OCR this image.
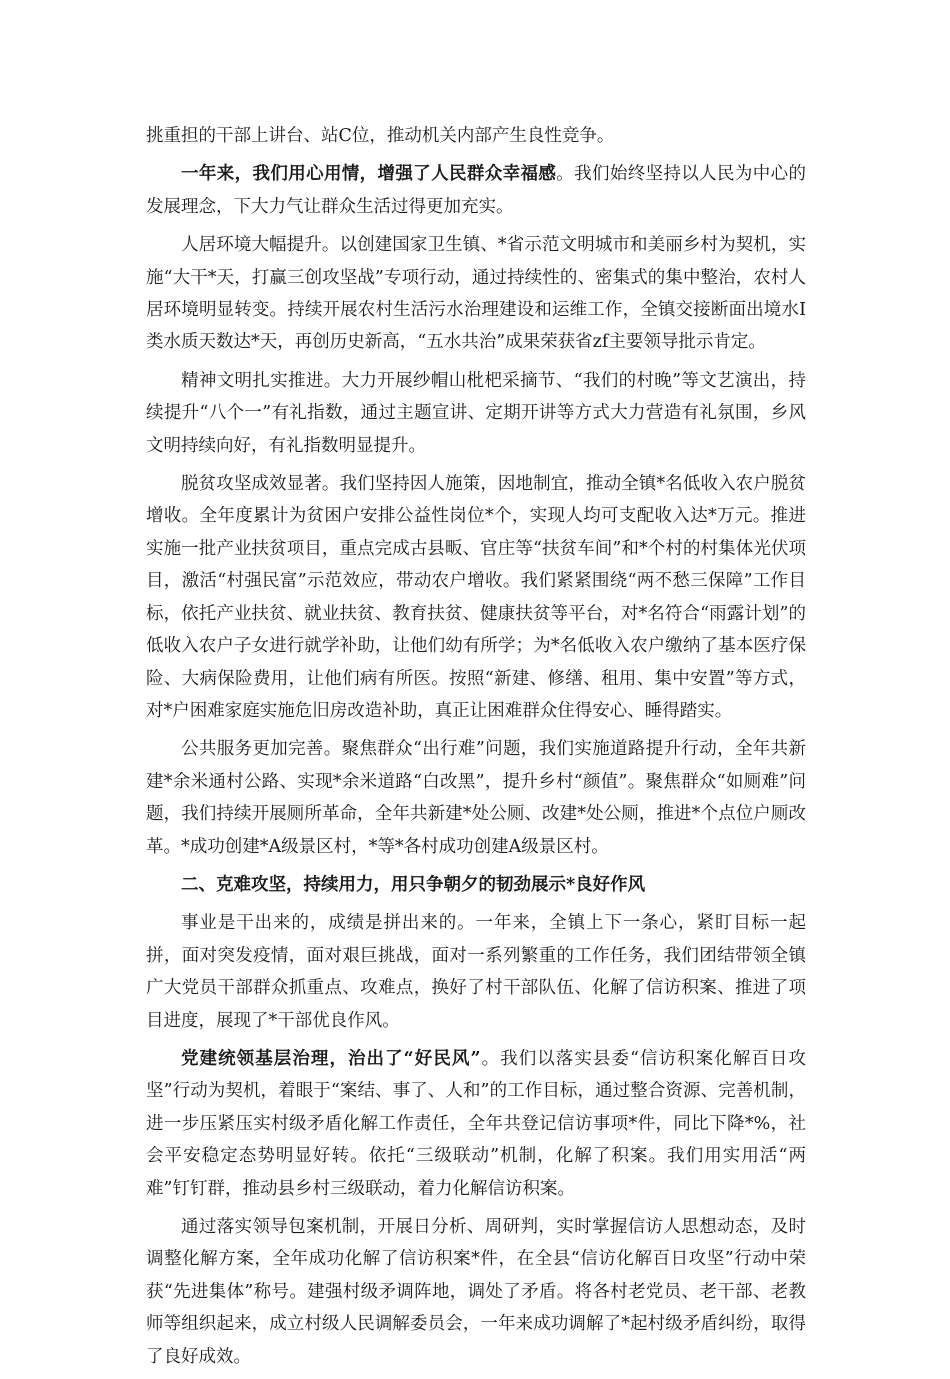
挑重担的干部上讲台、站C位，推动机关内部产生良性竞争。

一年来，我们用心用情，增强了人民群众幸福感。我们始终坚持以人民为中心的发展理念，下大力气让群众生活过得更加充实。

人居环境大幅提升。以创建国家卫生镇、*省示范文明城市和美丽乡村为契机，实施“大干*天，打赢三创攻坚战”专项行动，通过持续性的、密集式的集中整治，农村人居环境明显转变。持续开展农村生活污水治理建设和运维工作，全镇交接断面出境水Ⅰ类水质天数达*天，再创历史新高，“五水共治”成果荣获省zf主要领导批示肯定。

精神文明扎实推进。大力开展纱帽山枇杷采摘节、“我们的村晚”等文艺演出，持续提升“八个一”有礼指数，通过主题宣讲、定期开讲等方式大力营造有礼氛围，乡风文明持续向好，有礼指数明显提升。

脱贫攻坚成效显著。我们坚持因人施策，因地制宜，推动全镇*名低收入农户脱贫增收。全年度累计为贫困户安排公益性岗位*个，实现人均可支配收入达*万元。推进实施一批产业扶贫项目，重点完成古县畈、官庄等“扶贫车间”和*个村的村集体光伏项目，激活“村强民富”示范效应，带动农户增收。我们紧紧围绕“两不愁三保障”工作目标，依托产业扶贫、就业扶贫、教育扶贫、健康扶贫等平台，对*名符合“雨露计划”的低收入农户子女进行就学补助，让他们幼有所学；为*名低收入农户缴纳了基本医疗保险、大病保险费用，让他们病有所医。按照“新建、修缮、租用、集中安置”等方式，对*户困难家庭实施危旧房改造补助，真正让困难群众住得安心、睡得踏实。

公共服务更加完善。聚焦群众“出行难”问题，我们实施道路提升行动，全年共新建*余米通村公路、实现*余米道路“白改黑”，提升乡村“颜值”。聚焦群众“如厕难”问题，我们持续开展厕所革命，全年共新建*处公厕、改建*处公厕，推进*个点位户厕改革。*成功创建*A级景区村，*等*各村成功创建A级景区村。

二、克难攻坚，持续用力，用只争朝夕的韧劲展示*良好作风

事业是干出来的，成绩是拼出来的。一年来，全镇上下一条心，紧盯目标一起拼，面对突发疫情，面对艰巨挑战，面对一系列繁重的工作任务，我们团结带领全镇广大党员干部群众抓重点、攻难点，换好了村干部队伍、化解了信访积案、推进了项目进度，展现了*干部优良作风。

党建统领基层治理，治出了“好民风”。我们以落实县委“信访积案化解百日攻坚”行动为契机，着眼于“案结、事了、人和”的工作目标，通过整合资源、完善机制，进一步压紧压实村级矛盾化解工作责任，全年共登记信访事项*件，同比下降*%，社会平安稳定态势明显好转。依托“三级联动”机制，化解了积案。我们用实用活“两难”钉钉群，推动县乡村三级联动，着力化解信访积案。

通过落实领导包案机制，开展日分析、周研判，实时掌握信访人思想动态，及时调整化解方案，全年成功化解了信访积案*件，在全县“信访化解百日攻坚”行动中荣获“先进集体”称号。建强村级矛调阵地，调处了矛盾。将各村老党员、老干部、老教师等组织起来，成立村级人民调解委员会，一年来成功调解了*起村级矛盾纠纷，取得了良好成效。
